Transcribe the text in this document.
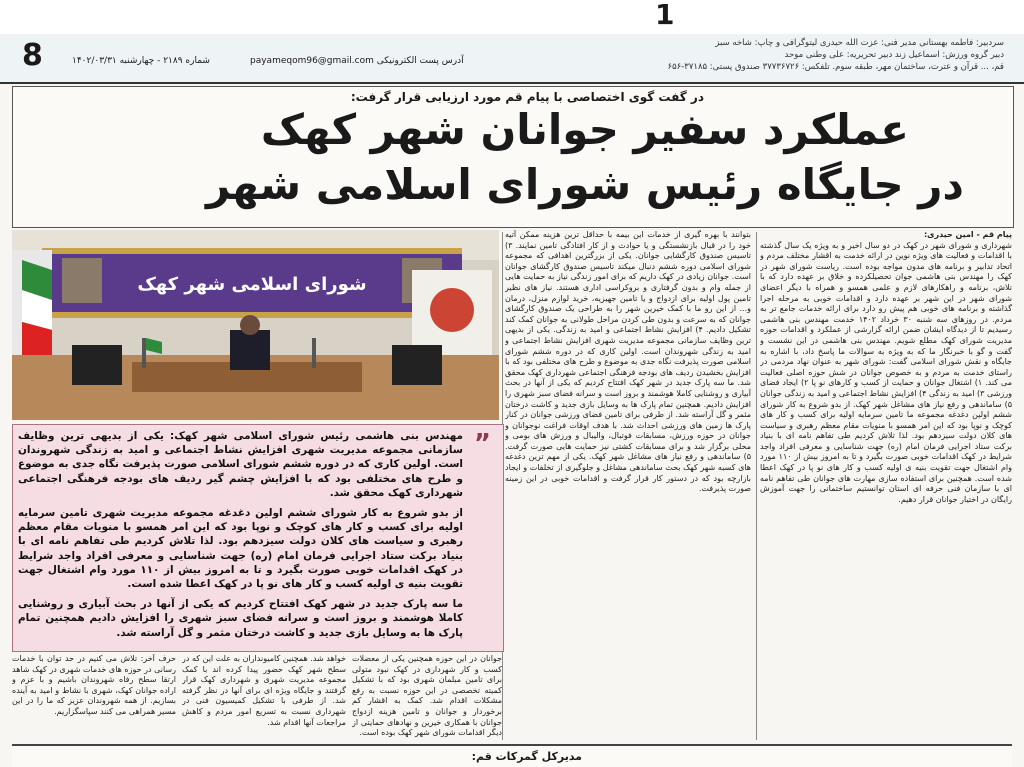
1
سردبیر: فاطمه بهستانی مدیر فنی: عزت الله حیدری لیتوگرافی و چاپ: شاخه سبز
دبیر گروه ورزش: اسماعیل زند دبیر تحریریه: علی وطنی موحد
قم، ... قرآن و عترت، ساختمان مهر، طبقه سوم. تلفکس: ۳۷۷۳۶۷۲۶ صندوق پستی: ۳۷۱۸۵-۶۵۶
8	شماره ۲۱۸۹ - چهارشنبه ۱۴۰۲/۰۳/۳۱	payameqom96@gmail.com آدرس پست الکترونیکی
در گفت گوی اختصاصی با پیام قم مورد ارزیابی قرار گرفت:
عملکرد سفیر جوانان شهر کهک
در جایگاه رئیس شورای اسلامی شهر
شورای اسلامی شهر کهک
پیام قم - امین حیدری:
شهرداری و شورای شهر در کهک در دو سال اخیر و به ویژه یک سال گذشته با اقدامات و فعالیت های ویژه نوین در ارائه خدمت به اقشار مختلف مردم و اتحاد تدابیر و برنامه های مدون مواجه بوده است. ریاست شورای شهر در کهک را مهندس بنی هاشمی جوان تحصیلکرده و خلاق بر عهده دارد که با تلاش، برنامه و راهکارهای لازم و علمی همسو و همراه با دیگر اعضای شورای شهر در این شهر بر عهده دارد و اقدامات خوبی به مرحله اجرا گذاشته و برنامه های خوبی هم پیش رو دارد برای ارائه خدمات جامع تر به مردم. در روزهای سه شنبه ۳۰ خرداد ۱۴۰۲ خدمت مهندس بنی هاشمی رسیدیم تا از دیدگاه ایشان ضمن ارائه گزارشی از عملکرد و اقدامات حوزه مدیریت شورای کهک مطلع شویم. مهندس بنی هاشمی در این نشست و گفت و گو با خبرنگار ما که به ویژه به سوالات ما پاسخ داد، با اشاره به جایگاه و نقش شورای اسلامی گفت: شورای شهر به عنوان نهاد مردمی در راستای خدمت به مردم و به خصوص جوانان در شش حوزه اصلی فعالیت می کند. ۱) اشتغال جوانان و حمایت از کسب و کارهای نو پا ۲) ایجاد فضای ورزشی ۳) امید به زندگی ۴) افزایش نشاط اجتماعی و امید به زندگی جوانان ۵) ساماندهی و رفع نیاز های مشاغل شهر کهک. از بدو شروع به کار شورای ششم اولین دغدغه مجموعه ما تامین سرمایه اولیه برای کسب و کار های کوچک و نوپا بود که این امر همسو با منویات مقام معظم رهبری و سیاست های کلان دولت سیزدهم بود. لذا تلاش کردیم طی تفاهم نامه ای با بنیاد برکت ستاد اجرایی فرمان امام (ره) جهت شناسایی و معرفی افراد واجد شرایط در کهک اقدامات خوبی صورت بگیرد و تا به امروز بیش از ۱۱۰ مورد وام اشتغال جهت تقویت بنیه ی اولیه کسب و کار های نو پا در کهک اعطا شده است. همچنین برای استفاده سازی مهارت های جوانان طی تفاهم نامه ای با سازمان فنی حرفه ای استان توانستیم ساختمانی را جهت آموزش رایگان در اختیار جوانان قرار دهیم.
بتوانند با بهره گیری از خدمات این بیمه با حداقل ترین هزینه ممکن آتیه خود را در قبال بازنشستگی و یا حوادث و از کار افتادگی تامین نمایند. ۳) تاسیس صندوق کارگشایی جوانان. یکی از بزرگترین اهدافی که مجموعه شورای اسلامی دوره ششم دنبال میکند تاسیس صندوق کارگشای جوانان است. جوانان زیادی در کهک داریم که برای امور زندگی نیاز به حمایت هایی از جمله وام و بدون گرفتاری و بروکراسی اداری هستند. نیاز های نظیر تامین پول اولیه برای ازدواج و یا تامین جهیزیه، خرید لوازم منزل، درمان و... از این رو ما با کمک خیرین شهر را به طراحی یک صندوق کارگشای جوانان که به سرعت و بدون طی کردن مراحل طولانی به جوانان کمک کند تشکیل دادیم. ۴) افزایش نشاط اجتماعی و امید به زندگی. یکی از بدیهی ترین وظایف سازمانی مجموعه مدیریت شهری افزایش نشاط اجتماعی و امید به زندگی شهروندان است. اولین کاری که در دوره ششم شورای اسلامی صورت پذیرفت نگاه جدی به موضوع و طرح های مختلفی بود که با افزایش بخشیدن ردیف های بودجه فرهنگی اجتماعی شهرداری کهک محقق شد. ما سه پارک جدید در شهر کهک افتتاح کردیم که یکی از آنها در بحث آبیاری و روشنایی کاملا هوشمند و بروز است و سرانه فضای سبز شهری را افزایش دادیم. همچنین تمام پارک ها به وسایل بازی جدید و کاشت درختان مثمر و گل آراسته شد. از طرفی برای تامین فضای ورزشی جوانان در کنار پارک ها زمین های ورزشی احداث شد. با هدف اوقات فراغت نوجوانان و جوانان در حوزه ورزش، مسابقات فوتبال، والیبال و ورزش های بومی و محلی برگزار شد و برای مسابقات کشتی نیز حمایت هایی صورت گرفت. ۵) ساماندهی و رفع نیاز های مشاغل شهر کهک. یکی از مهم ترین دغدغه های کسبه شهر کهک بحث ساماندهی مشاغل و جلوگیری از تخلفات و ایجاد بازارچه بود که در دستور کار قرار گرفت و اقدامات خوبی در این زمینه صورت پذیرفت.
”

مهندس بنی هاشمی رئیس شورای اسلامی شهر کهک: یکی از بدیهی ترین وظایف سازمانی مجموعه مدیریت شهری افزایش نشاط اجتماعی و امید به زندگی شهروندان است. اولین کاری که در دوره ششم شورای اسلامی صورت پذیرفت نگاه جدی به موضوع و طرح های مختلفی بود که با افزایش چشم گیر ردیف های بودجه فرهنگی اجتماعی شهرداری کهک محقق شد.

از بدو شروع به کار شورای ششم اولین دغدغه مجموعه مدیریت شهری تامین سرمایه اولیه برای کسب و کار های کوچک و نوپا بود که این امر همسو با منویات مقام معظم رهبری و سیاست های کلان دولت سیزدهم بود. لذا تلاش کردیم طی تفاهم نامه ای با بنیاد برکت ستاد اجرایی فرمان امام (ره) جهت شناسایی و معرفی افراد واجد شرایط در کهک اقدامات خوبی صورت بگیرد و تا به امروز بیش از ۱۱۰ مورد وام اشتغال جهت تقویت بنیه ی اولیه کسب و کار های نو پا در کهک اعطا شده است.

ما سه پارک جدید در شهر کهک افتتاح کردیم که یکی از آنها در بحث آبیاری و روشنایی کاملا هوشمند و بروز است و سرانه فضای سبز شهری را افزایش دادیم همچنین تمام پارک ها به وسایل بازی جدید و کاشت درختان مثمر و گل آراسته شد.

جوانان در این حوزه همچنین یکی از معضلات کسب و کار شهرداری در کهک نبود متولی برای تامین مبلمان شهری بود که با تشکیل کمیته تخصصی در این حوزه نسبت به رفع مشکلات اقدام شد. کمک به اقشار کم برخوردار و جوانان و تامین هزینه ازدواج جوانان با همکاری خیرین و نهادهای حمایتی از دیگر اقدامات شورای شهر کهک بوده است.
خواهد شد. همچنین کامیونداران به علت این که در سطح شهر کهک حضور پیدا کرده اند با کمک مجموعه مدیریت شهری و شهرداری کهک قرار گرفتند و جایگاه ویژه ای برای آنها در نظر گرفته شد. از طرفی با تشکیل کمیسیون فنی در شهرداری نسبت به تسریع امور مردم و کاهش مراجعات آنها اقدام شد.
حرف آخر: تلاش می کنیم در حد توان با خدمات رسانی در حوزه های خدمات شهری در کهک شاهد ارتقا سطح رفاه شهروندان باشیم و با عزم و اراده جوانان کهک، شهری با نشاط و امید به آینده بسازیم. از همه شهروندان عزیز که ما را در این مسیر همراهی می کنند سپاسگزاریم.
مدیرکل گمرکات قم:
